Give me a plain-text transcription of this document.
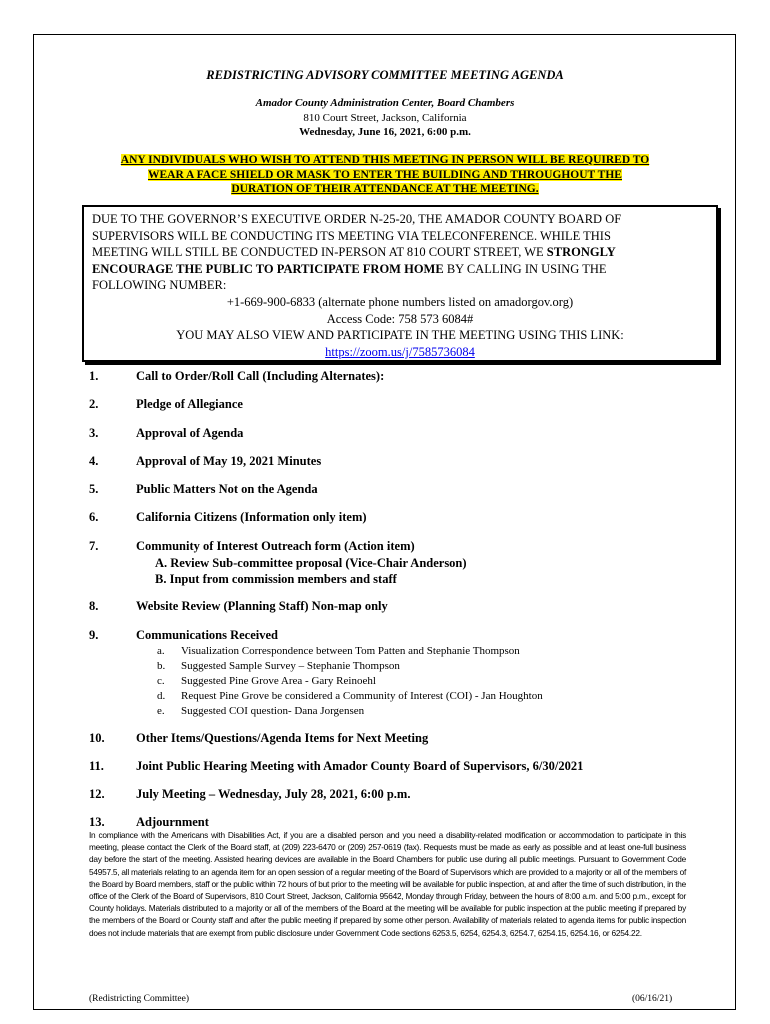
REDISTRICTING ADVISORY COMMITTEE MEETING AGENDA
Amador County Administration Center, Board Chambers
810 Court Street, Jackson, California
Wednesday, June 16, 2021, 6:00 p.m.
ANY INDIVIDUALS WHO WISH TO ATTEND THIS MEETING IN PERSON WILL BE REQUIRED TO
WEAR A FACE SHIELD OR MASK TO ENTER THE BUILDING AND THROUGHOUT THE
DURATION OF THEIR ATTENDANCE AT THE MEETING.
DUE TO THE GOVERNOR’S EXECUTIVE ORDER N-25-20, THE AMADOR COUNTY BOARD OF
SUPERVISORS WILL BE CONDUCTING ITS MEETING VIA TELECONFERENCE. WHILE THIS
MEETING WILL STILL BE CONDUCTED IN-PERSON AT 810 COURT STREET, WE STRONGLY
ENCOURAGE THE PUBLIC TO PARTICIPATE FROM HOME BY CALLING IN USING THE
FOLLOWING NUMBER:
+1-669-900-6833 (alternate phone numbers listed on amadorgov.org)
Access Code: 758 573 6084#
YOU MAY ALSO VIEW AND PARTICIPATE IN THE MEETING USING THIS LINK:
https://zoom.us/j/7585736084
1.	Call to Order/Roll Call (Including Alternates):
2.	Pledge of Allegiance
3.	Approval of Agenda
4.	Approval of May 19, 2021 Minutes
5.	Public Matters Not on the Agenda
6.	California Citizens (Information only item)
7.	Community of Interest Outreach form (Action item)
A. Review Sub-committee proposal (Vice-Chair Anderson)
B. Input from commission members and staff
8.	Website Review (Planning Staff) Non-map only
9.	Communications Received
a. Visualization Correspondence between Tom Patten and Stephanie Thompson
b. Suggested Sample Survey – Stephanie Thompson
c. Suggested Pine Grove Area - Gary Reinoehl
d. Request Pine Grove be considered a Community of Interest (COI) - Jan Houghton
e. Suggested COI question- Dana Jorgensen
10.	Other Items/Questions/Agenda Items for Next Meeting
11.	Joint Public Hearing Meeting with Amador County Board of Supervisors, 6/30/2021
12.	July Meeting – Wednesday, July 28, 2021, 6:00 p.m.
13.	Adjournment
In compliance with the Americans with Disabilities Act, if you are a disabled person and you need a disability-related modification or accommodation to participate in this meeting, please contact the Clerk of the Board staff, at (209) 223-6470 or (209) 257-0619 (fax). Requests must be made as early as possible and at least one-full business day before the start of the meeting. Assisted hearing devices are available in the Board Chambers for public use during all public meetings. Pursuant to Government Code 54957.5, all materials relating to an agenda item for an open session of a regular meeting of the Board of Supervisors which are provided to a majority or all of the members of the Board by Board members, staff or the public within 72 hours of but prior to the meeting will be available for public inspection, at and after the time of such distribution, in the office of the Clerk of the Board of Supervisors, 810 Court Street, Jackson, California 95642, Monday through Friday, between the hours of 8:00 a.m. and 5:00 p.m., except for County holidays. Materials distributed to a majority or all of the members of the Board at the meeting will be available for public inspection at the public meeting if prepared by the members of the Board or County staff and after the public meeting if prepared by some other person. Availability of materials related to agenda items for public inspection does not include materials that are exempt from public disclosure under Government Code sections 6253.5, 6254, 6254.3, 6254.7, 6254.15, 6254.16, or 6254.22.
(Redistricting Committee)	(06/16/21)
